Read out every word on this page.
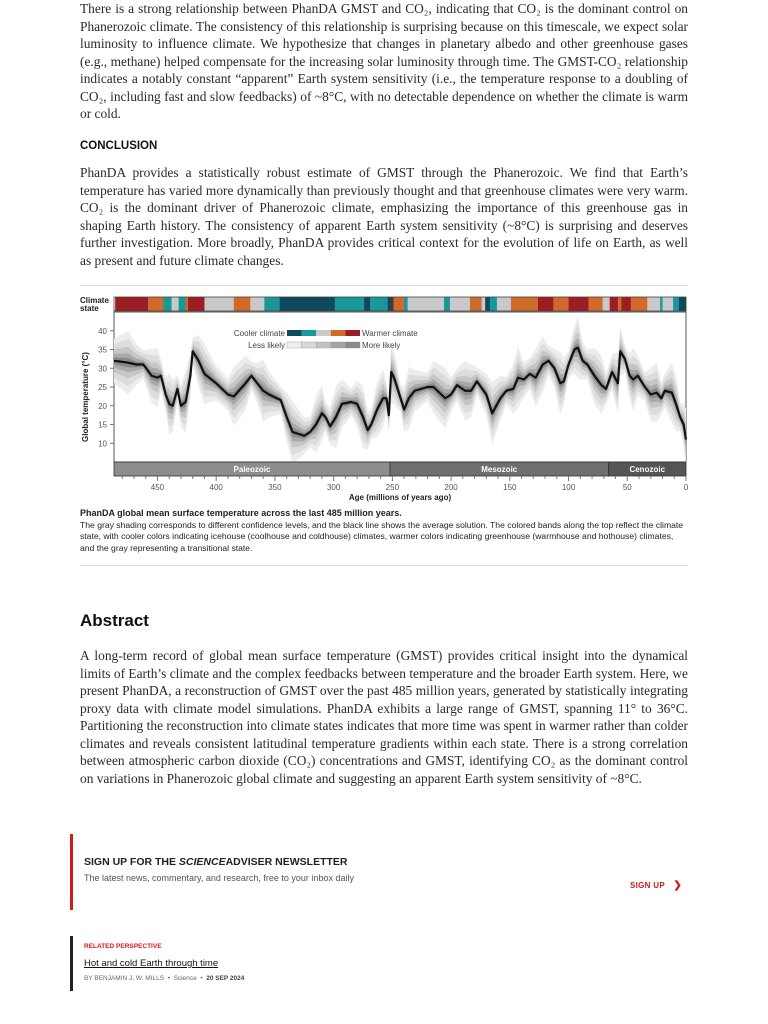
There is a strong relationship between PhanDA GMST and CO₂, indicating that CO₂ is the dominant control on Phanerozoic climate. The consistency of this relationship is surprising because on this timescale, we expect solar luminosity to influence climate. We hypothesize that changes in planetary albedo and other greenhouse gases (e.g., methane) helped compensate for the increasing solar luminosity through time. The GMST-CO₂ relationship indicates a notably constant “apparent” Earth system sensitivity (i.e., the temperature response to a doubling of CO₂, including fast and slow feedbacks) of ~8°C, with no detectable dependence on whether the climate is warm or cold.
CONCLUSION
PhanDA provides a statistically robust estimate of GMST through the Phanerozoic. We find that Earth’s temperature has varied more dynamically than previously thought and that greenhouse climates were very warm. CO₂ is the dominant driver of Phanerozoic climate, emphasizing the importance of this greenhouse gas in shaping Earth history. The consistency of apparent Earth system sensitivity (~8°C) is surprising and deserves further investigation. More broadly, PhanDA provides critical context for the evolution of life on Earth, as well as present and future climate changes.
Climate
state
40
35
30
25
20
15
10
Global temperature (°C)
Paleozoic	Mesozoic	Cenozoic
450	400	350	300	250	200	150	100	50	0
Age (millions of years ago)
Cooler climate	Warmer climate
Less likely	More likely
PhanDA global mean surface temperature across the last 485 million years.
The gray shading corresponds to different confidence levels, and the black line shows the average solution. The colored bands along the top reflect the climate state, with cooler colors indicating icehouse (coolhouse and coldhouse) climates, warmer colors indicating greenhouse (warmhouse and hothouse) climates, and the gray representing a transitional state.
Abstract
A long-term record of global mean surface temperature (GMST) provides critical insight into the dynamical limits of Earth’s climate and the complex feedbacks between temperature and the broader Earth system. Here, we present PhanDA, a reconstruction of GMST over the past 485 million years, generated by statistically integrating proxy data with climate model simulations. PhanDA exhibits a large range of GMST, spanning 11° to 36°C. Partitioning the reconstruction into climate states indicates that more time was spent in warmer rather than colder climates and reveals consistent latitudinal temperature gradients within each state. There is a strong correlation between atmospheric carbon dioxide (CO₂) concentrations and GMST, identifying CO₂ as the dominant control on variations in Phanerozoic global climate and suggesting an apparent Earth system sensitivity of ~8°C.
SIGN UP FOR THE SCIENCEADVISER NEWSLETTER
The latest news, commentary, and research, free to your inbox daily
SIGN UP ❯
RELATED PERSPECTIVE
Hot and cold Earth through time
BY BENJAMIN J. W. MILLS  •  Science  •  20 SEP 2024
